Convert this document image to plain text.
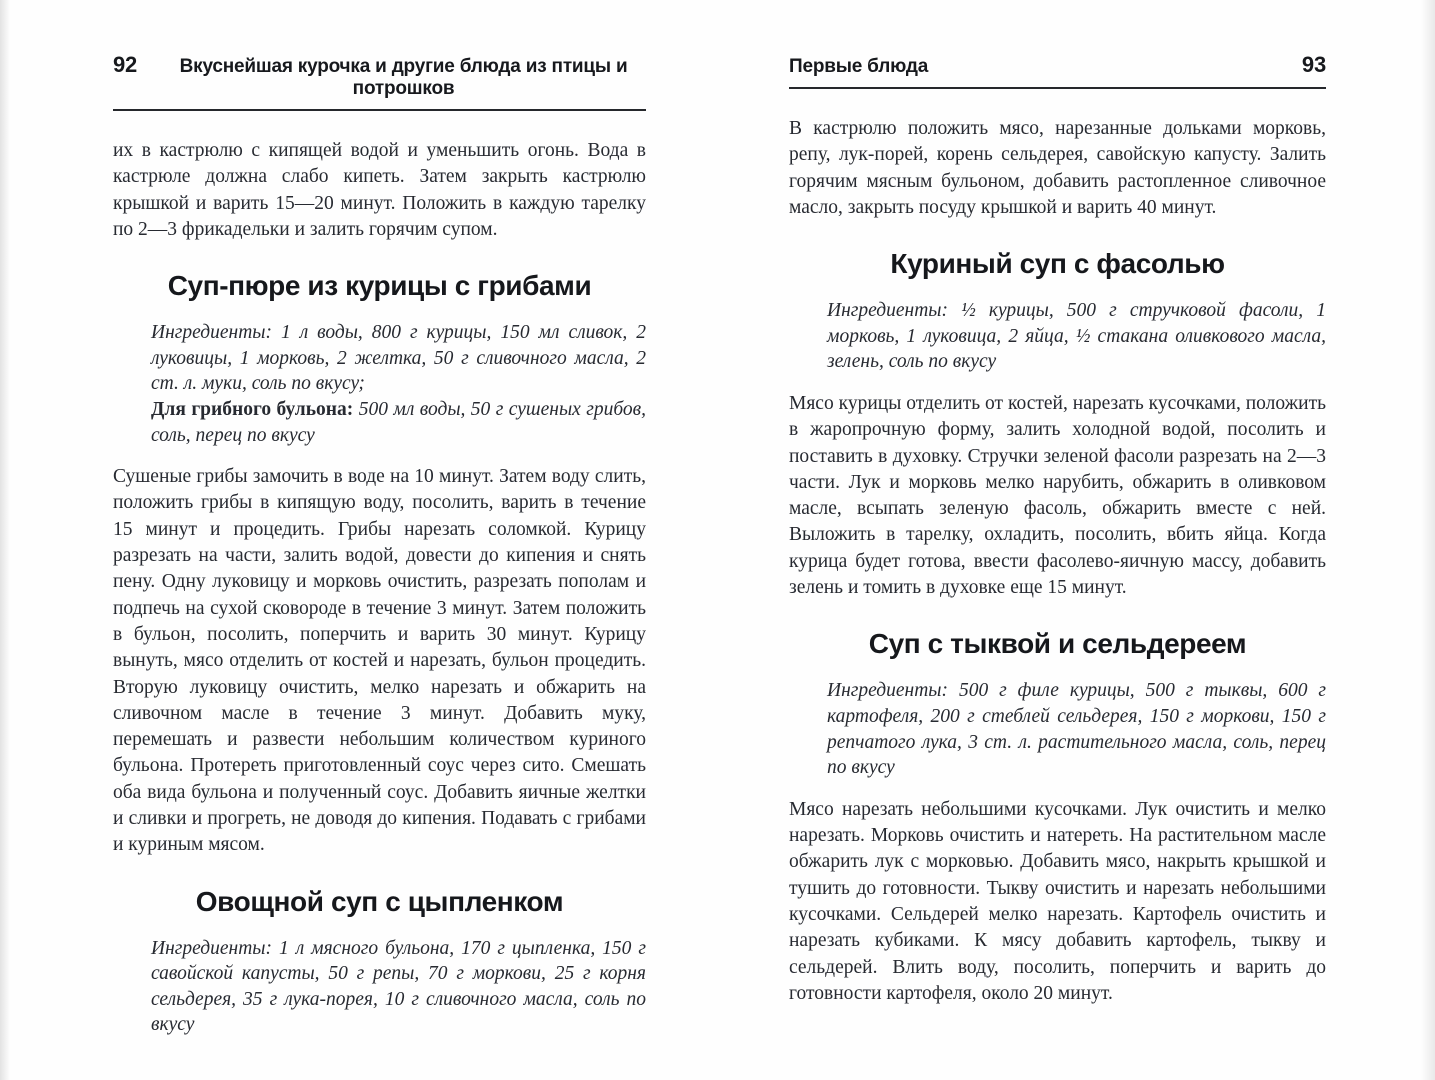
92	Вкуснейшая курочка и другие блюда из птицы и потрошков

их в кастрюлю с кипящей водой и уменьшить огонь. Вода в кастрюле должна слабо кипеть. Затем закрыть кастрюлю крышкой и варить 15—20 минут. Положить в каждую тарелку по 2—3 фрикадельки и залить горячим супом.

Суп-пюре из курицы с грибами
Ингредиенты: 1 л воды, 800 г курицы, 150 мл сливок, 2 луковицы, 1 морковь, 2 желтка, 50 г сливочного масла, 2 ст. л. муки, соль по вкусу;
Для грибного бульона: 500 мл воды, 50 г сушеных грибов, соль, перец по вкусу

Сушеные грибы замочить в воде на 10 минут. Затем воду слить, положить грибы в кипящую воду, посолить, варить в течение 15 минут и процедить. Грибы нарезать соломкой. Курицу разрезать на части, залить водой, довести до кипения и снять пену. Одну луковицу и морковь очистить, разрезать пополам и подпечь на сухой сковороде в течение 3 минут. Затем положить в бульон, посолить, поперчить и варить 30 минут. Курицу вынуть, мясо отделить от костей и нарезать, бульон процедить. Вторую луковицу очистить, мелко нарезать и обжарить на сливочном масле в течение 3 минут. Добавить муку, перемешать и развести небольшим количеством куриного бульона. Протереть приготовленный соус через сито. Смешать оба вида бульона и полученный соус. Добавить яичные желтки и сливки и прогреть, не доводя до кипения. Подавать с грибами и куриным мясом.

Овощной суп с цыпленком
Ингредиенты: 1 л мясного бульона, 170 г цыпленка, 150 г савойской капусты, 50 г репы, 70 г моркови, 25 г корня сельдерея, 35 г лука-порея, 10 г сливочного масла, соль по вкусу
Первые блюда	93

В кастрюлю положить мясо, нарезанные дольками морковь, репу, лук-порей, корень сельдерея, савойскую капусту. Залить горячим мясным бульоном, добавить растопленное сливочное масло, закрыть посуду крышкой и варить 40 минут.

Куриный суп с фасолью
Ингредиенты: ½ курицы, 500 г стручковой фасоли, 1 морковь, 1 луковица, 2 яйца, ½ стакана оливкового масла, зелень, соль по вкусу

Мясо курицы отделить от костей, нарезать кусочками, положить в жаропрочную форму, залить холодной водой, посолить и поставить в духовку. Стручки зеленой фасоли разрезать на 2—3 части. Лук и морковь мелко нарубить, обжарить в оливковом масле, всыпать зеленую фасоль, обжарить вместе с ней. Выложить в тарелку, охладить, посолить, вбить яйца. Когда курица будет готова, ввести фасолево-яичную массу, добавить зелень и томить в духовке еще 15 минут.

Суп с тыквой и сельдереем
Ингредиенты: 500 г филе курицы, 500 г тыквы, 600 г картофеля, 200 г стеблей сельдерея, 150 г моркови, 150 г репчатого лука, 3 ст. л. растительного масла, соль, перец по вкусу

Мясо нарезать небольшими кусочками. Лук очистить и мелко нарезать. Морковь очистить и натереть. На растительном масле обжарить лук с морковью. Добавить мясо, накрыть крышкой и тушить до готовности. Тыкву очистить и нарезать небольшими кусочками. Сельдерей мелко нарезать. Картофель очистить и нарезать кубиками. К мясу добавить картофель, тыкву и сельдерей. Влить воду, посолить, поперчить и варить до готовности картофеля, около 20 минут.
